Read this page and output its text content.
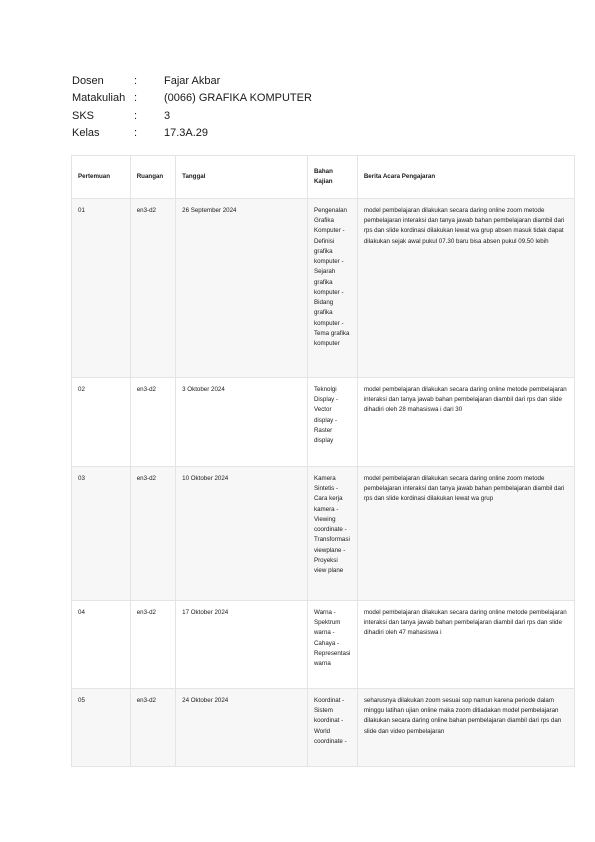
Dosen	:	Fajar Akbar
Matakuliah :	(0066) GRAFIKA KOMPUTER
SKS	:	3
Kelas	:	17.3A.29
Pertemuan	Ruangan	Tanggal	Bahan Kajian	Berita Acara Pengajaran
01	en3-d2	26 September 2024	Pengenalan Grafika Komputer - Definisi grafika komputer - Sejarah grafika komputer - Bidang grafika komputer - Tema grafika komputer	model pembelajaran dilakukan secara daring online zoom metode pembelajaran interaksi dan tanya jawab bahan pembelajaran diambil dari rps dan slide kordinasi dilakukan lewat wa grup absen masuk tidak dapat dilakukan sejak awal pukul 07.30 baru bisa absen pukul 09.50 lebih
02	en3-d2	3 Oktober 2024	Teknolgi Display - Vector display - Raster display	model pembelajaran dilakukan secara daring online metode pembelajaran interaksi dan tanya jawab bahan pembelajaran diambil dari rps dan slide dihadiri oleh 28 mahasiswa i dari 30
03	en3-d2	10 Oktober 2024	Kamera Sintetis - Cara kerja kamera - Viewing coordinate - Transformasi viewplane - Proyeksi view plane	model pembelajaran dilakukan secara daring online zoom metode pembelajaran interaksi dan tanya jawab bahan pembelajaran diambil dari rps dan slide kordinasi dilakukan lewat wa grup
04	en3-d2	17 Oktober 2024	Warna - Spektrum warna - Cahaya - Representasi warna	model pembelajaran dilakukan secara daring online metode pembelajaran interaksi dan tanya jawab bahan pembelajaran diambil dari rps dan slide dihadiri oleh 47 mahasiswa i
05	en3-d2	24 Oktober 2024	Koordinat - Sistem koordinat - World coordinate -	seharusnya dilakukan zoom sesuai sop namun karena periode dalam minggu latihan ujian online maka zoom ditiadakan model pembelajaran dilakukan secara daring online bahan pembelajaran diambil dari rps dan slide dan video pembelajaran
